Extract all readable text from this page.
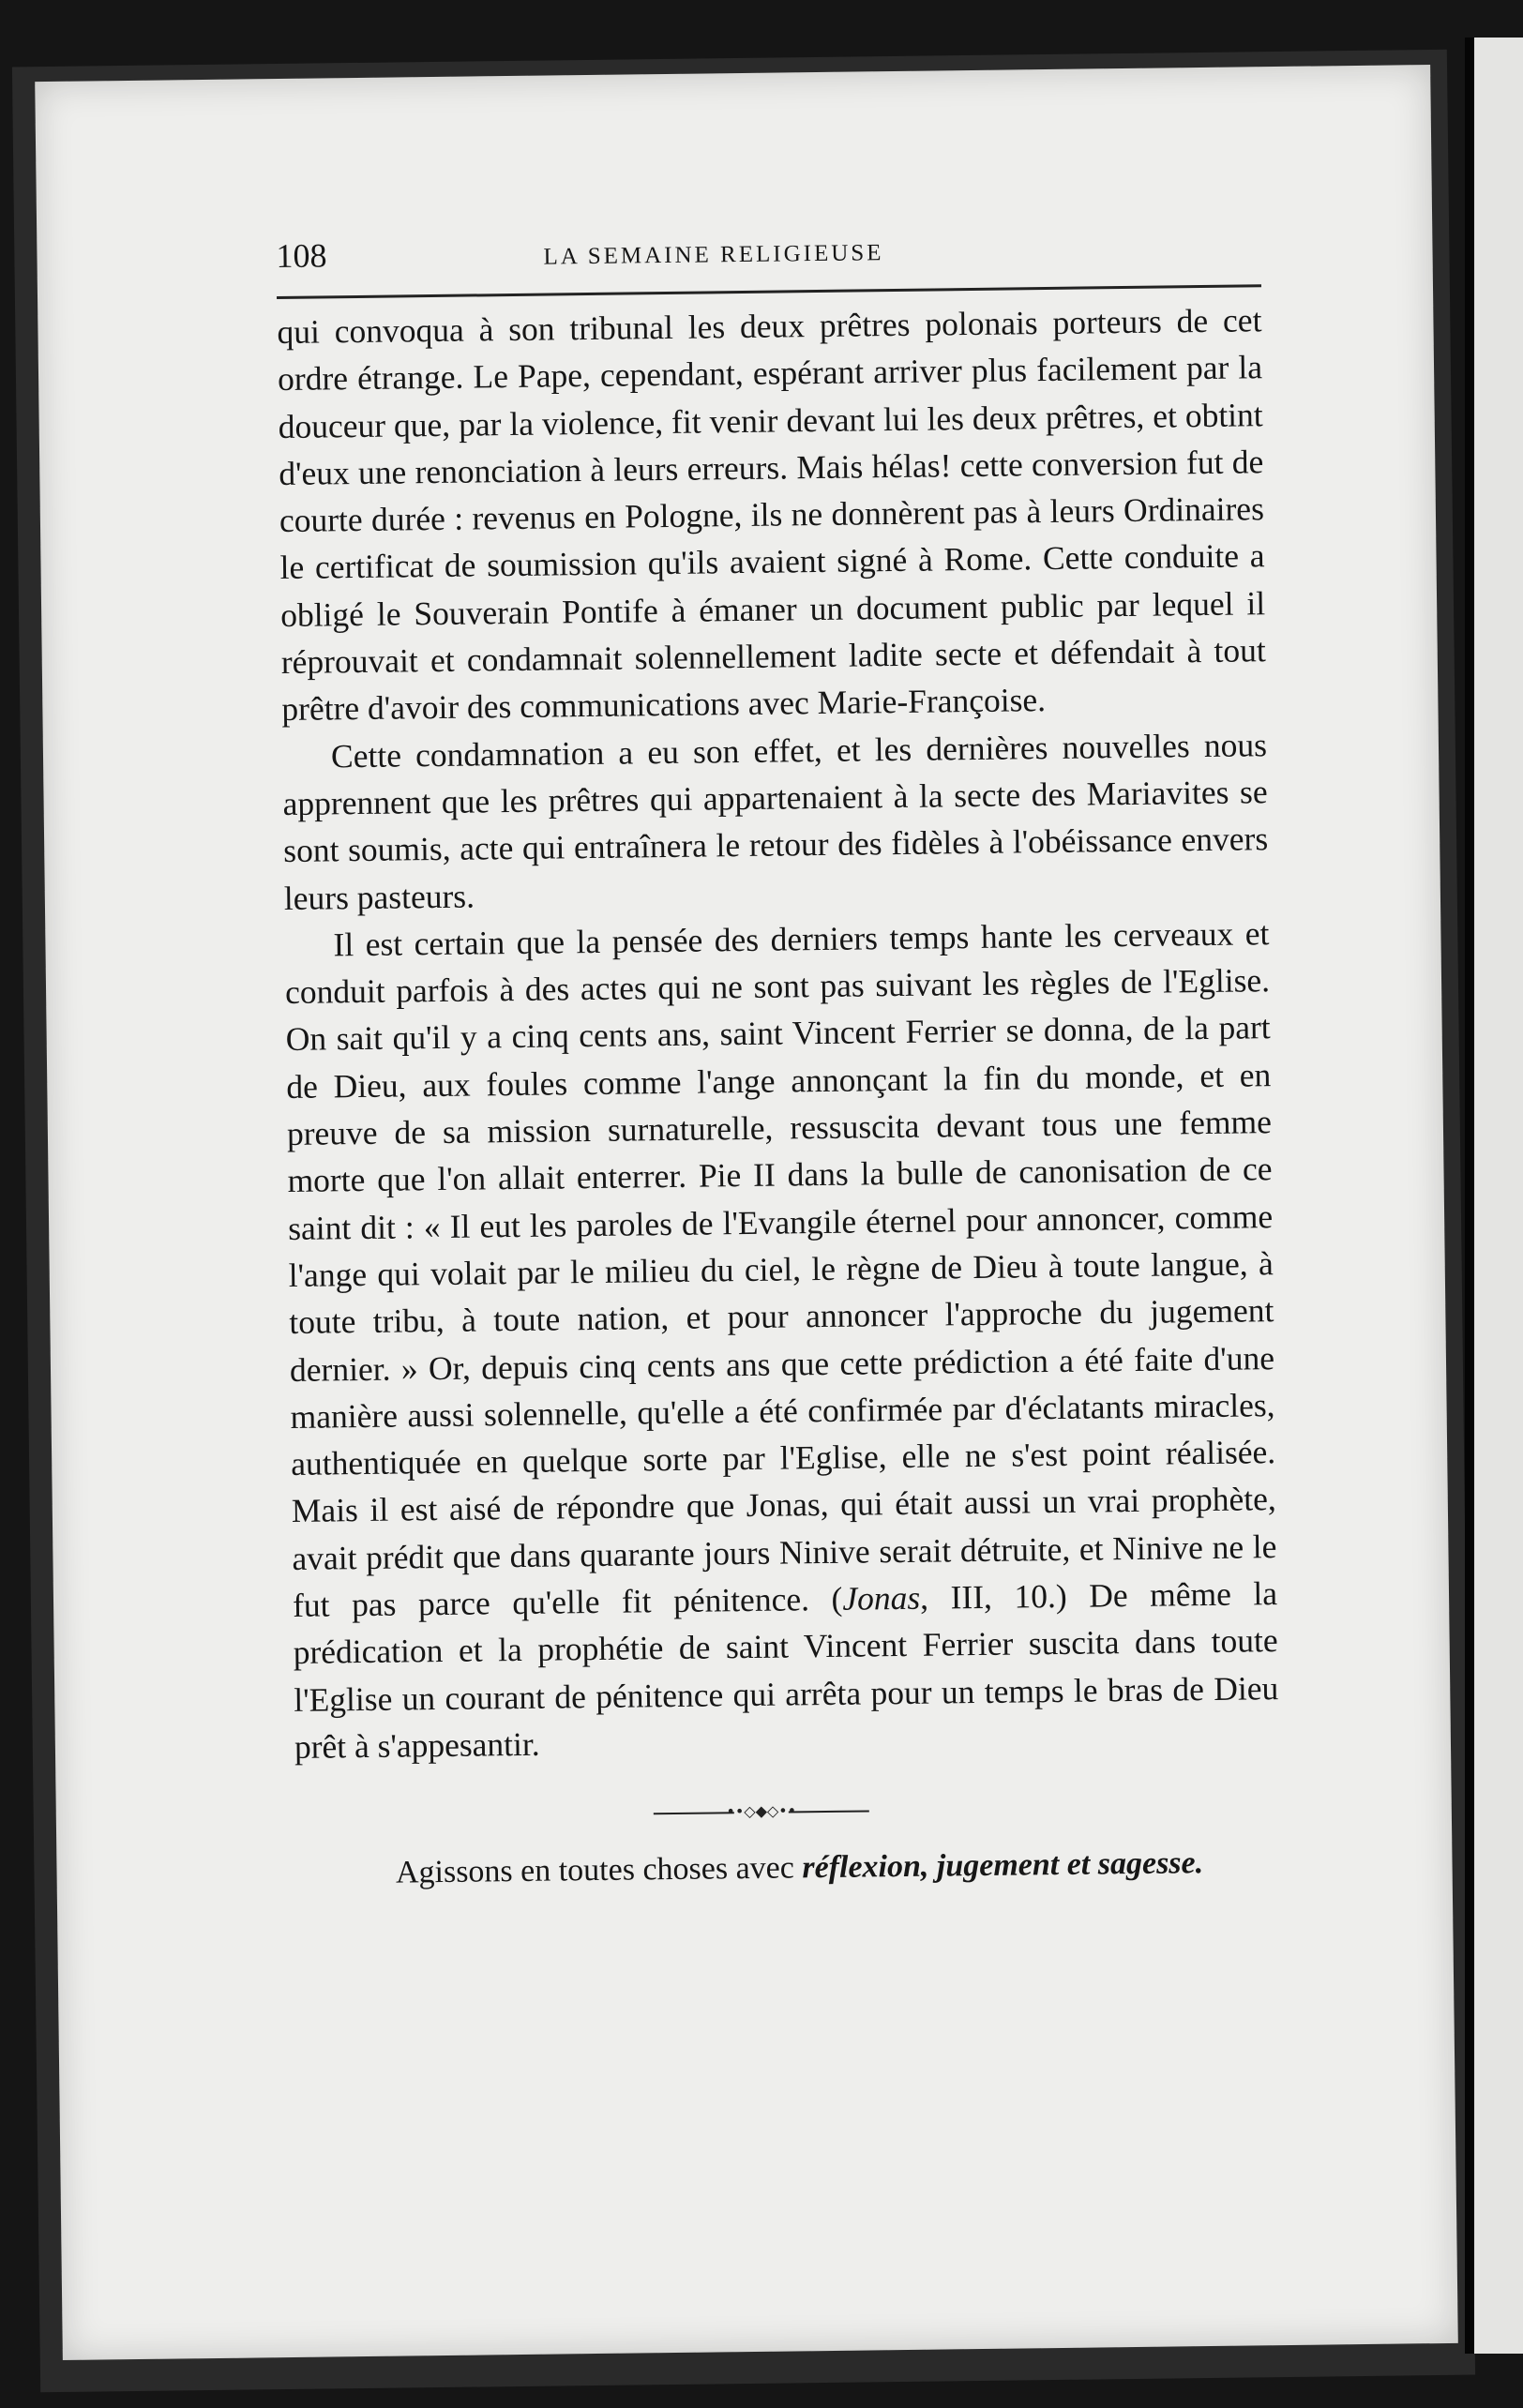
108	LA SEMAINE RELIGIEUSE

qui convoqua à son tribunal les deux prêtres polonais porteurs de cet ordre étrange. Le Pape, cependant, espérant arriver plus facilement par la douceur que, par la violence, fit venir devant lui les deux prêtres, et obtint d'eux une renonciation à leurs erreurs. Mais hélas! cette conversion fut de courte durée : revenus en Pologne, ils ne donnèrent pas à leurs Ordinaires le certificat de soumission qu'ils avaient signé à Rome. Cette conduite a obligé le Souverain Pontife à émaner un document public par lequel il réprouvait et condamnait solennellement ladite secte et défendait à tout prêtre d'avoir des communications avec Marie-Françoise.

Cette condamnation a eu son effet, et les dernières nouvelles nous apprennent que les prêtres qui appartenaient à la secte des Mariavites se sont soumis, acte qui entraînera le retour des fidèles à l'obéissance envers leurs pasteurs.

Il est certain que la pensée des derniers temps hante les cerveaux et conduit parfois à des actes qui ne sont pas suivant les règles de l'Eglise. On sait qu'il y a cinq cents ans, saint Vincent Ferrier se donna, de la part de Dieu, aux foules comme l'ange annonçant la fin du monde, et en preuve de sa mission surnaturelle, ressuscita devant tous une femme morte que l'on allait enterrer. Pie II dans la bulle de canonisation de ce saint dit : « Il eut les paroles de l'Evangile éternel pour annoncer, comme l'ange qui volait par le milieu du ciel, le règne de Dieu à toute langue, à toute tribu, à toute nation, et pour annoncer l'approche du jugement dernier. » Or, depuis cinq cents ans que cette prédiction a été faite d'une manière aussi solennelle, qu'elle a été confirmée par d'éclatants miracles, authentiquée en quelque sorte par l'Eglise, elle ne s'est point réalisée. Mais il est aisé de répondre que Jonas, qui était aussi un vrai prophète, avait prédit que dans quarante jours Ninive serait détruite, et Ninive ne le fut pas parce qu'elle fit pénitence. (Jonas, III, 10.) De même la prédication et la prophétie de saint Vincent Ferrier suscita dans toute l'Eglise un courant de pénitence qui arrêta pour un temps le bras de Dieu prêt à s'appesantir.

••◇◆◇••
Agissons en toutes choses avec réflexion, jugement et sagesse.
